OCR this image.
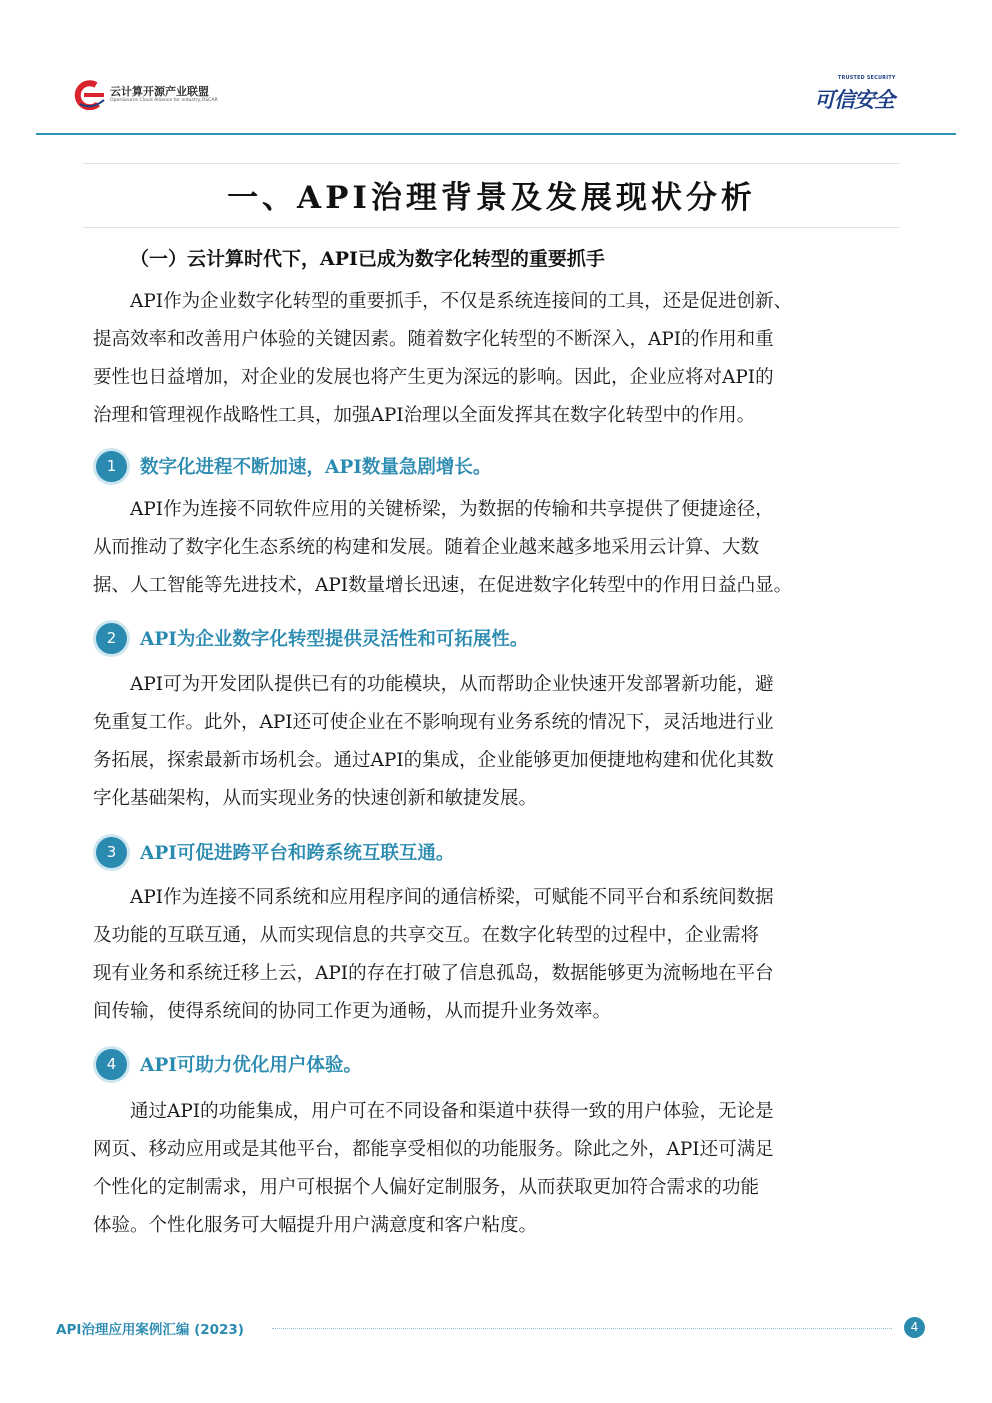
云计算开源产业联盟
OpenSource Cloud Alliance for industry,OSCAR
TRUSTED SECURITY
可信安全
一、API治理背景及发展现状分析
（一）云计算时代下，API已成为数字化转型的重要抓手

API作为企业数字化转型的重要抓手，不仅是系统连接间的工具，还是促进创新、
提高效率和改善用户体验的关键因素。随着数字化转型的不断深入，API的作用和重
要性也日益增加，对企业的发展也将产生更为深远的影响。因此，企业应将对API的
治理和管理视作战略性工具，加强API治理以全面发挥其在数字化转型中的作用。

1	数字化进程不断加速，API数量急剧增长。

API作为连接不同软件应用的关键桥梁，为数据的传输和共享提供了便捷途径，
从而推动了数字化生态系统的构建和发展。随着企业越来越多地采用云计算、大数
据、人工智能等先进技术，API数量增长迅速，在促进数字化转型中的作用日益凸显。

2	API为企业数字化转型提供灵活性和可拓展性。

API可为开发团队提供已有的功能模块，从而帮助企业快速开发部署新功能，避
免重复工作。此外，API还可使企业在不影响现有业务系统的情况下，灵活地进行业
务拓展，探索最新市场机会。通过API的集成，企业能够更加便捷地构建和优化其数
字化基础架构，从而实现业务的快速创新和敏捷发展。

3	API可促进跨平台和跨系统互联互通。

API作为连接不同系统和应用程序间的通信桥梁，可赋能不同平台和系统间数据
及功能的互联互通，从而实现信息的共享交互。在数字化转型的过程中，企业需将
现有业务和系统迁移上云，API的存在打破了信息孤岛，数据能够更为流畅地在平台
间传输，使得系统间的协同工作更为通畅，从而提升业务效率。

4	API可助力优化用户体验。

通过API的功能集成，用户可在不同设备和渠道中获得一致的用户体验，无论是
网页、移动应用或是其他平台，都能享受相似的功能服务。除此之外，API还可满足
个性化的定制需求，用户可根据个人偏好定制服务，从而获取更加符合需求的功能
体验。个性化服务可大幅提升用户满意度和客户粘度。

API治理应用案例汇编 (2023)	4
